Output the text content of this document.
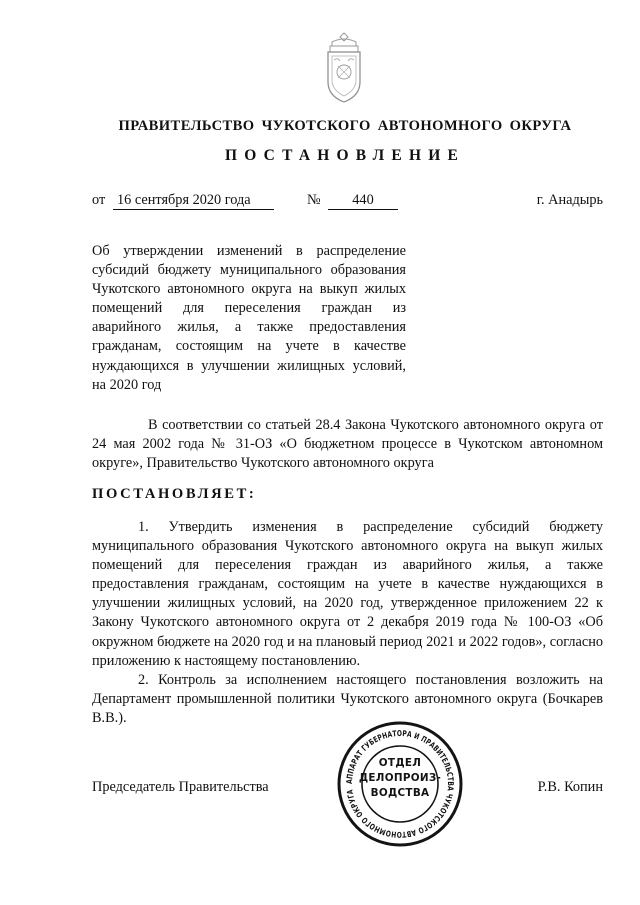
ПРАВИТЕЛЬСТВО ЧУКОТСКОГО АВТОНОМНОГО ОКРУГА
ПОСТАНОВЛЕНИЕ
от 16 сентября 2020 года	№	440	г. Анадырь
Об утверждении изменений в распределение субсидий бюджету муниципального образования Чукотского автономного округа на выкуп жилых помещений для переселения граждан из аварийного жилья, а также предоставления гражданам, состоящим на учете в качестве нуждающихся в улучшении жилищных условий, на 2020 год
В соответствии со статьей 28.4 Закона Чукотского автономного округа от 24 мая 2002 года № 31-ОЗ «О бюджетном процессе в Чукотском автономном округе», Правительство Чукотского автономного округа
ПОСТАНОВЛЯЕТ:

1. Утвердить изменения в распределение субсидий бюджету муниципального образования Чукотского автономного округа на выкуп жилых помещений для переселения граждан из аварийного жилья, а также предоставления гражданам, состоящим на учете в качестве нуждающихся в улучшении жилищных условий, на 2020 год, утвержденное приложением 22 к Закону Чукотского автономного округа от 2 декабря 2019 года № 100-ОЗ «Об окружном бюджете на 2020 год и на плановый период 2021 и 2022 годов», согласно приложению к настоящему постановлению.

2. Контроль за исполнением настоящего постановления возложить на Департамент промышленной политики Чукотского автономного округа (Бочкарев В.В.).

Председатель Правительства	Р.В. Копин
АППАРАТ ГУБЕРНАТОРА И ПРАВИТЕЛЬСТВА ЧУКОТСКОГО АВТОНОМНОГО ОКРУГА
ОТДЕЛ
ДЕЛОПРОИЗ-
ВОДСТВА
